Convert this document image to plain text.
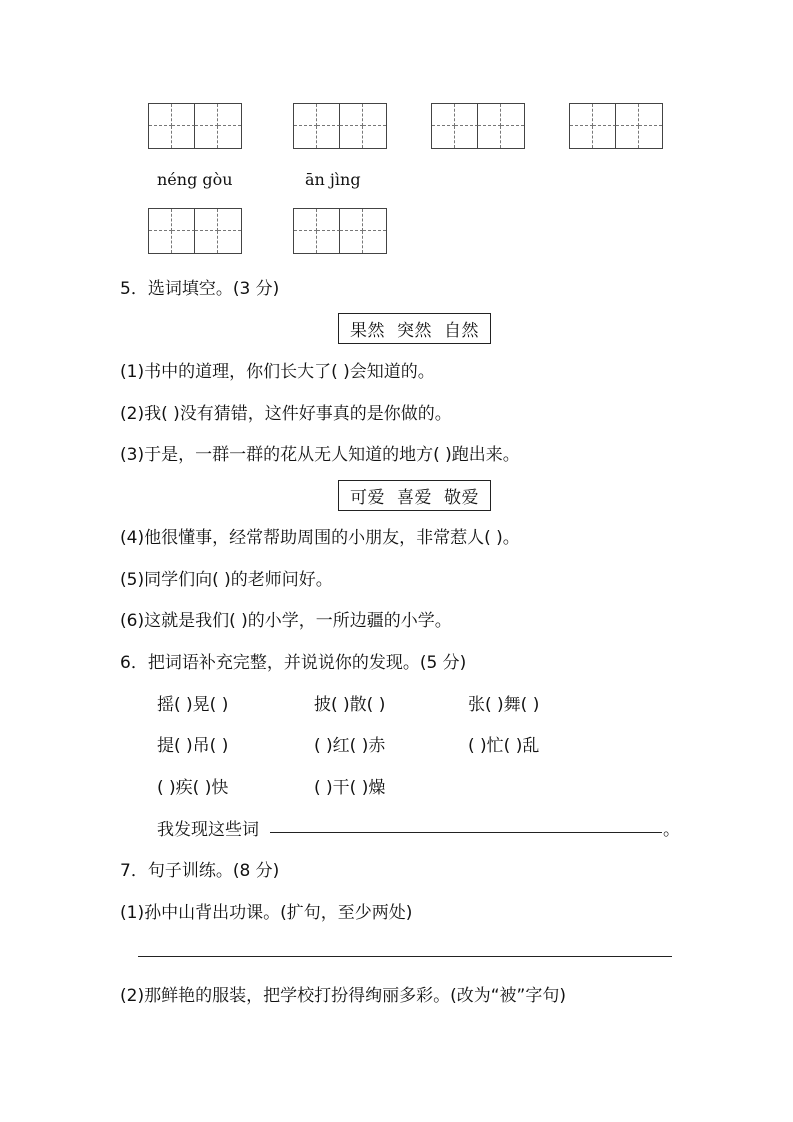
néng gòu	ān jìng
5．选词填空。(3 分)
果然 突然 自然
(1)书中的道理，你们长大了( )会知道的。
(2)我( )没有猜错，这件好事真的是你做的。
(3)于是，一群一群的花从无人知道的地方( )跑出来。
可爱 喜爱 敬爱
(4)他很懂事，经常帮助周围的小朋友，非常惹人( )。
(5)同学们向( )的老师问好。
(6)这就是我们( )的小学，一所边疆的小学。
6．把词语补充完整，并说说你的发现。(5 分)
摇( )晃( )	披( )散( )	张( )舞( )
提( )吊( )	( )红( )赤	( )忙( )乱
( )疾( )快	( )干( )燥
我发现这些词	。
7．句子训练。(8 分)
(1)孙中山背出功课。(扩句，至少两处)
(2)那鲜艳的服装，把学校打扮得绚丽多彩。(改为“被”字句)
